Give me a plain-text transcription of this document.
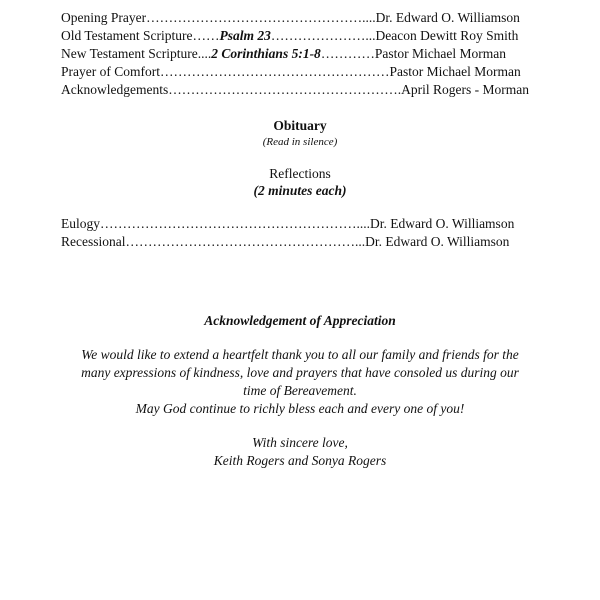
Opening Prayer…………………………………………....Dr. Edward O. Williamson
Old Testament Scripture……Psalm 23…………………...Deacon Dewitt Roy Smith
New Testament Scripture....2 Corinthians 5:1-8…………Pastor Michael Morman
Prayer of Comfort……………………………………………Pastor Michael Morman
Acknowledgements…………………………………………….April Rogers - Morman
Obituary
(Read in silence)
Reflections
(2 minutes each)
Eulogy…………………………………………………....Dr. Edward O. Williamson
Recessional……………………………………………...Dr. Edward O. Williamson
Acknowledgement of Appreciation
We would like to extend a heartfelt thank you to all our family and friends for the
many expressions of kindness, love and prayers that have consoled us during our
time of Bereavement.
May God continue to richly bless each and every one of you!
With sincere love,
Keith Rogers and Sonya Rogers
